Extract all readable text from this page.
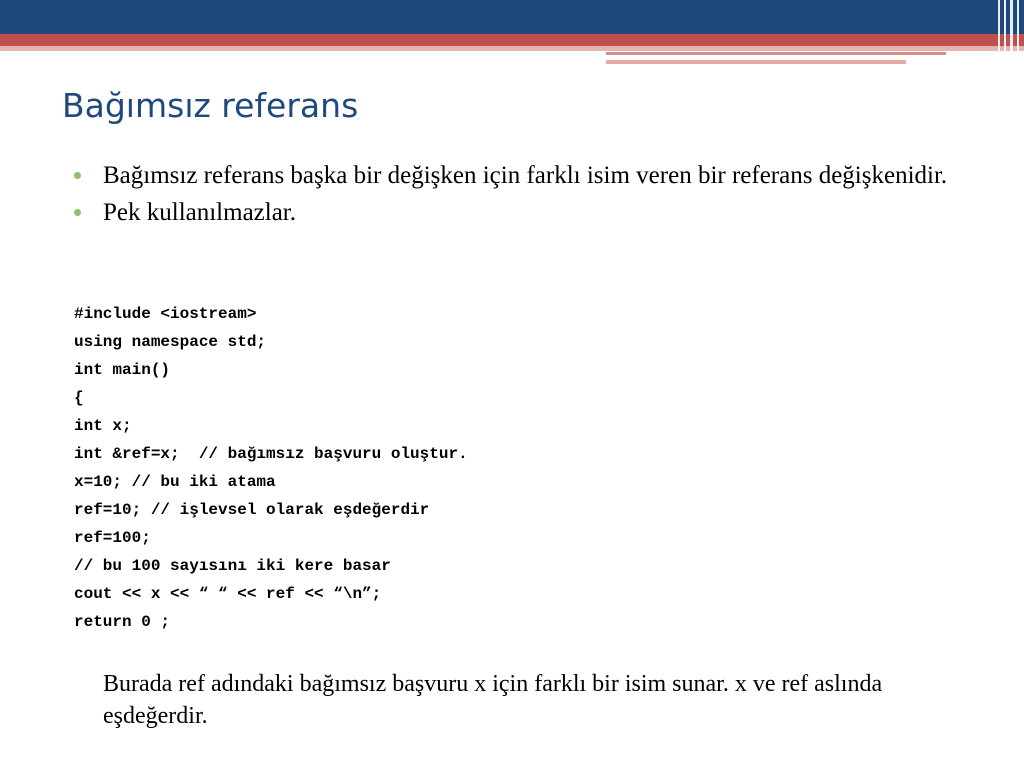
Bağımsız referans
Bağımsız referans başka bir değişken için farklı isim veren bir referans değişkenidir.
Pek kullanılmazlar.
#include <iostream>
using namespace std;
int main()
{
int x;
int &ref=x;  // bağımsız başvuru oluştur.
x=10; // bu iki atama
ref=10; // işlevsel olarak eşdeğerdir
ref=100;
// bu 100 sayısını iki kere basar
cout << x << “ “ << ref << “\n”;
return 0 ;

Burada ref adındaki bağımsız başvuru x için farklı bir isim sunar. x ve ref aslında eşdeğerdir.
